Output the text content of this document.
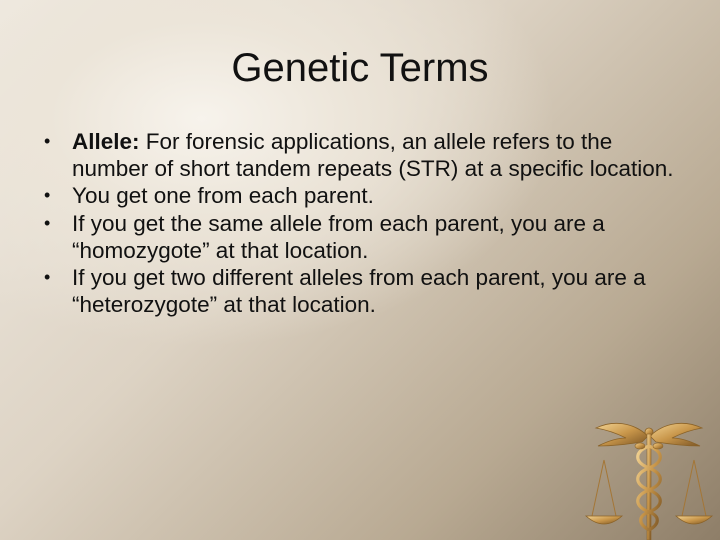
Genetic Terms
• Allele: For forensic applications, an allele refers to the number of short tandem repeats (STR) at a specific location.
• You get one from each parent.
• If you get the same allele from each parent, you are a “homozygote” at that location.
• If you get two different alleles from each parent, you are a “heterozygote” at that location.
